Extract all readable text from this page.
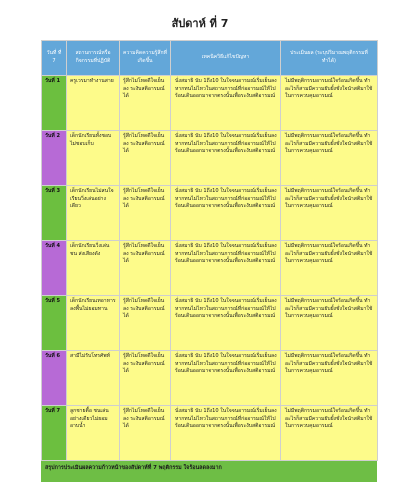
สัปดาห์ ที่ 7
วันที่ ที่ 7	สถานการณ์หรือกิจกรรมที่ปฏิบัติ	ความคิดความรู้สึกที่เกิดขึ้น	เทคนิควิธีแก้ไขปัญหา	ประเมินผล (ระบุปริมาณพฤติกรรมที่ทำได้)
วันที่ 1	ครูเวรมาทำงานสาย	รู้สึกไม่โหดดีใจเย็นลง ระงับสติอารมณ์ได้	นั่งสมาธิ นับ 1ถึง10 ในใจจนอารมณ์เริ่มเย็นลง หากทนไม่ไหวในสถานการณ์ที่ก่ออารมณ์ให้ไปร้อนเดินออกมาจากตรงนั้นเพื่อระงับสติอารมณ์	ไม่มีพฤติกรรมอารมณ์ใจร้อนเกิดขึ้น ทำอะไรก็สามมีความยับยั้งชั่งใจนำสติมาใช้ในการควบคุมอารมณ์
วันที่ 2	เด็กนักเรียนทั้งชอบไม่ชอบเก็บ	รู้สึกไม่โหดดีใจเย็นลง ระงับสติอารมณ์ได้	นั่งสมาธิ นับ 1ถึง10 ในใจจนอารมณ์เริ่มเย็นลง หากทนไม่ไหวในสถานการณ์ที่ก่ออารมณ์ให้ไปร้อนเดินออกมาจากตรงนั้นเพื่อระงับสติอารมณ์	ไม่มีพฤติกรรมอารมณ์ใจร้อนเกิดขึ้น ทำอะไรก็สามมีความยับยั้งชั่งใจนำสติมาใช้ในการควบคุมอารมณ์
วันที่ 3	เด็กนักเรียนไม่สนใจเรียนวิ่งเล่นอย่างเดียว	รู้สึกไม่โหดดีใจเย็นลง ระงับสติอารมณ์ได้	นั่งสมาธิ นับ 1ถึง10 ในใจจนอารมณ์เริ่มเย็นลง หากทนไม่ไหวในสถานการณ์ที่ก่ออารมณ์ให้ไปร้อนเดินออกมาจากตรงนั้นเพื่อระงับสติอารมณ์	ไม่มีพฤติกรรมอารมณ์ใจร้อนเกิดขึ้น ทำอะไรก็สามมีความยับยั้งชั่งใจนำสติมาใช้ในการควบคุมอารมณ์
วันที่ 4	เด็กนักเรียนวิ่งเล่นชน ส่งเสียงดัง	รู้สึกไม่โหดดีใจเย็นลง ระงับสติอารมณ์ได้	นั่งสมาธิ นับ 1ถึง10 ในใจจนอารมณ์เริ่มเย็นลง หากทนไม่ไหวในสถานการณ์ที่ก่ออารมณ์ให้ไปร้อนเดินออกมาจากตรงนั้นเพื่อระงับสติอารมณ์	ไม่มีพฤติกรรมอารมณ์ใจร้อนเกิดขึ้น ทำอะไรก็สามมีความยับยั้งชั่งใจนำสติมาใช้ในการควบคุมอารมณ์
วันที่ 5	เด็กนักเรียนเทอาหารลงพื้นไม่ยอมทาน	รู้สึกไม่โหดดีใจเย็นลง ระงับสติอารมณ์ได้	นั่งสมาธิ นับ 1ถึง10 ในใจจนอารมณ์เริ่มเย็นลง หากทนไม่ไหวในสถานการณ์ที่ก่ออารมณ์ให้ไปร้อนเดินออกมาจากตรงนั้นเพื่อระงับสติอารมณ์	ไม่มีพฤติกรรมอารมณ์ใจร้อนเกิดขึ้น ทำอะไรก็สามมีความยับยั้งชั่งใจนำสติมาใช้ในการควบคุมอารมณ์
วันที่ 6	สามีไม่รับโทรศัพท์	รู้สึกไม่โหดดีใจเย็นลง ระงับสติอารมณ์ได้	นั่งสมาธิ นับ 1ถึง10 ในใจจนอารมณ์เริ่มเย็นลง หากทนไม่ไหวในสถานการณ์ที่ก่ออารมณ์ให้ไปร้อนเดินออกมาจากตรงนั้นเพื่อระงับสติอารมณ์	ไม่มีพฤติกรรมอารมณ์ใจร้อนเกิดขึ้น ทำอะไรก็สามมีความยับยั้งชั่งใจนำสติมาใช้ในการควบคุมอารมณ์
วันที่ 7	ลูกชายตื้อ ชนเล่นอย่างเดียวไม่ยอมอาบน้ำ	รู้สึกไม่โหดดีใจเย็นลง ระงับสติอารมณ์ได้	นั่งสมาธิ นับ 1ถึง10 ในใจจนอารมณ์เริ่มเย็นลง หากทนไม่ไหวในสถานการณ์ที่ก่ออารมณ์ให้ไปร้อนเดินออกมาจากตรงนั้นเพื่อระงับสติอารมณ์	ไม่มีพฤติกรรมอารมณ์ใจร้อนเกิดขึ้น ทำอะไรก็สามมีความยับยั้งชั่งใจนำสติมาใช้ในการควบคุมอารมณ์
สรุปการประเมินผลความก้าวหน้าของสัปดาห์ที่ 7 พฤติกรรม ใจร้อนลดลงมาก
